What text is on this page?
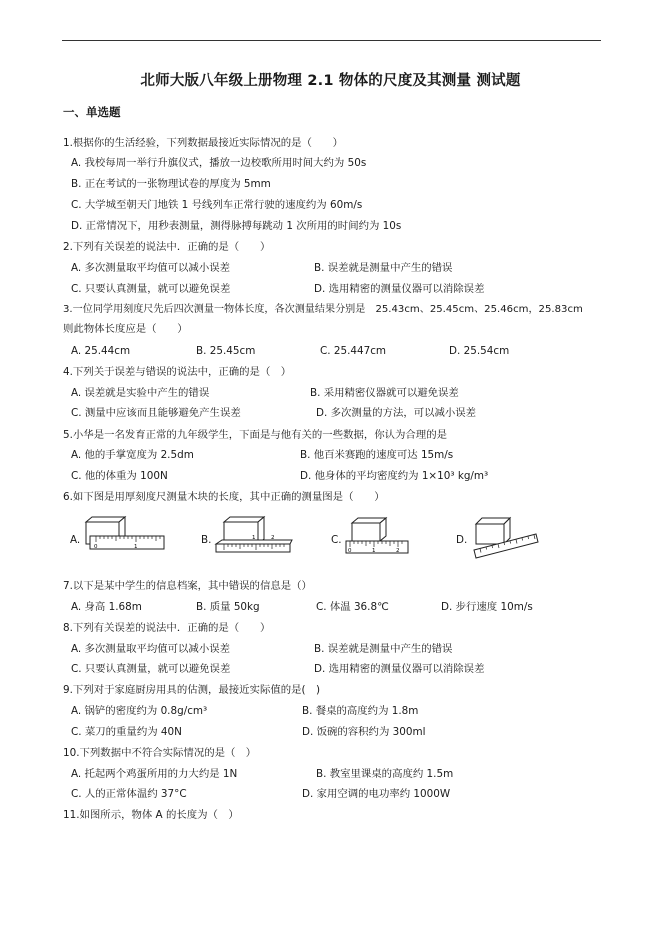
北师大版八年级上册物理 2.1 物体的尺度及其测量 测试题
一、单选题
1.根据你的生活经验，下列数据最接近实际情况的是（　　）
A. 我校每周一举行升旗仪式，播放一边校歌所用时间大约为 50s
B. 正在考试的一张物理试卷的厚度为 5mm
C. 大学城至朝天门地铁 1 号线列车正常行驶的速度约为 60m/s
D. 正常情况下，用秒表测量，测得脉搏每跳动 1 次所用的时间约为 10s
2.下列有关误差的说法中．正确的是（　　）
A. 多次测量取平均值可以减小误差	B. 误差就是测量中产生的错误
C. 只要认真测量，就可以避免误差	D. 选用精密的测量仪器可以消除误差
3.一位同学用刻度尺先后四次测量一物体长度，各次测量结果分别是　25.43cm、25.45cm、25.46cm，25.83cm
则此物体长度应是（　　）
A. 25.44cm	B. 25.45cm	C. 25.447cm	D. 25.54cm
4.下列关于误差与错误的说法中，正确的是（　）
A. 误差就是实验中产生的错误	B. 采用精密仪器就可以避免误差
C. 测量中应该而且能够避免产生误差	D. 多次测量的方法，可以减小误差
5.小华是一名发育正常的九年级学生，下面是与他有关的一些数据，你认为合理的是
A. 他的手掌宽度为 2.5dm	B. 他百米赛跑的速度可达 15m/s
C. 他的体重为 100N	D. 他身体的平均密度约为 1×10³ kg/m³
6.如下图是用厚刻度尺测量木块的长度，其中正确的测量图是（　　）
A.
0	1
B.	1	2	C.
0	1	2
D.
7.以下是某中学生的信息档案，其中错误的信息是（）
A. 身高 1.68m	B. 质量 50kg	C. 体温 36.8℃	D. 步行速度 10m/s
8.下列有关误差的说法中．正确的是（　　）
A. 多次测量取平均值可以减小误差	B. 误差就是测量中产生的错误
C. 只要认真测量，就可以避免误差	D. 选用精密的测量仪器可以消除误差
9.下列对于家庭厨房用具的估测，最接近实际值的是(　)
A. 锅铲的密度约为 0.8g/cm³	B. 餐桌的高度约为 1.8m
C. 菜刀的重量约为 40N	D. 饭碗的容积约为 300ml
10.下列数据中不符合实际情况的是（　）
A. 托起两个鸡蛋所用的力大约是 1N	B. 教室里课桌的高度约 1.5m
C. 人的正常体温约 37°C	D. 家用空调的电功率约 1000W
11.如图所示，物体 A 的长度为（　）
